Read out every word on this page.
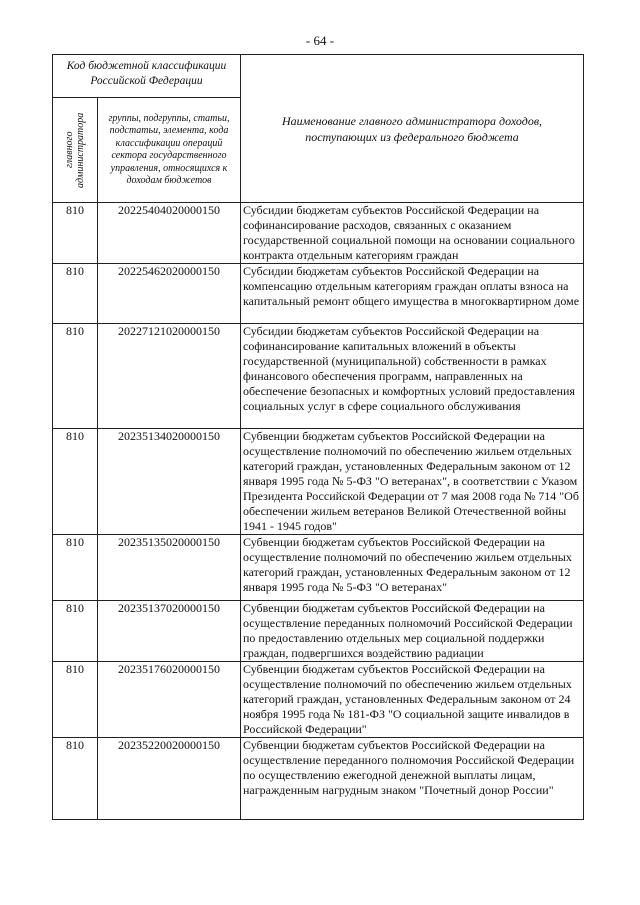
- 64 -
Код бюджетной классификации Российской Федерации		Наименование главного администратора доходов, поступающих из федерального бюджета

главного администратора	группы, подгруппы, статьи, подстатьи, элемента, кода классификации операций сектора государственного управления, относящихся к доходам бюджетов	
810	20225404020000150	Субсидии бюджетам субъектов Российской Федерации на софинансирование расходов, связанных с оказанием государственной социальной помощи на основании социального контракта отдельным категориям граждан
810	20225462020000150	Субсидии бюджетам субъектов Российской Федерации на компенсацию отдельным категориям граждан оплаты взноса на капитальный ремонт общего имущества в многоквартирном доме
810	20227121020000150	Субсидии бюджетам субъектов Российской Федерации на софинансирование капитальных вложений в объекты государственной (муниципальной) собственности в рамках финансового обеспечения программ, направленных на обеспечение безопасных и комфортных условий предоставления социальных услуг в сфере социального обслуживания
810	20235134020000150	Субвенции бюджетам субъектов Российской Федерации на осуществление полномочий по обеспечению жильем отдельных категорий граждан, установленных Федеральным законом от 12 января 1995 года № 5-ФЗ "О ветеранах", в соответствии с Указом Президента Российской Федерации от 7 мая 2008 года № 714 "Об обеспечении жильем ветеранов Великой Отечественной войны 1941 - 1945 годов"
810	20235135020000150	Субвенции бюджетам субъектов Российской Федерации на осуществление полномочий по обеспечению жильем отдельных категорий граждан, установленных Федеральным законом от 12 января 1995 года № 5-ФЗ "О ветеранах"
810	20235137020000150	Субвенции бюджетам субъектов Российской Федерации на осуществление переданных полномочий Российской Федерации по предоставлению отдельных мер социальной поддержки граждан, подвергшихся воздействию радиации
810	20235176020000150	Субвенции бюджетам субъектов Российской Федерации на осуществление полномочий по обеспечению жильем отдельных категорий граждан, установленных Федеральным законом от 24 ноября 1995 года № 181-ФЗ "О социальной защите инвалидов в Российской Федерации"
810	20235220020000150	Субвенции бюджетам субъектов Российской Федерации на осуществление переданного полномочия Российской Федерации по осуществлению ежегодной денежной выплаты лицам, награжденным нагрудным знаком "Почетный донор России"
